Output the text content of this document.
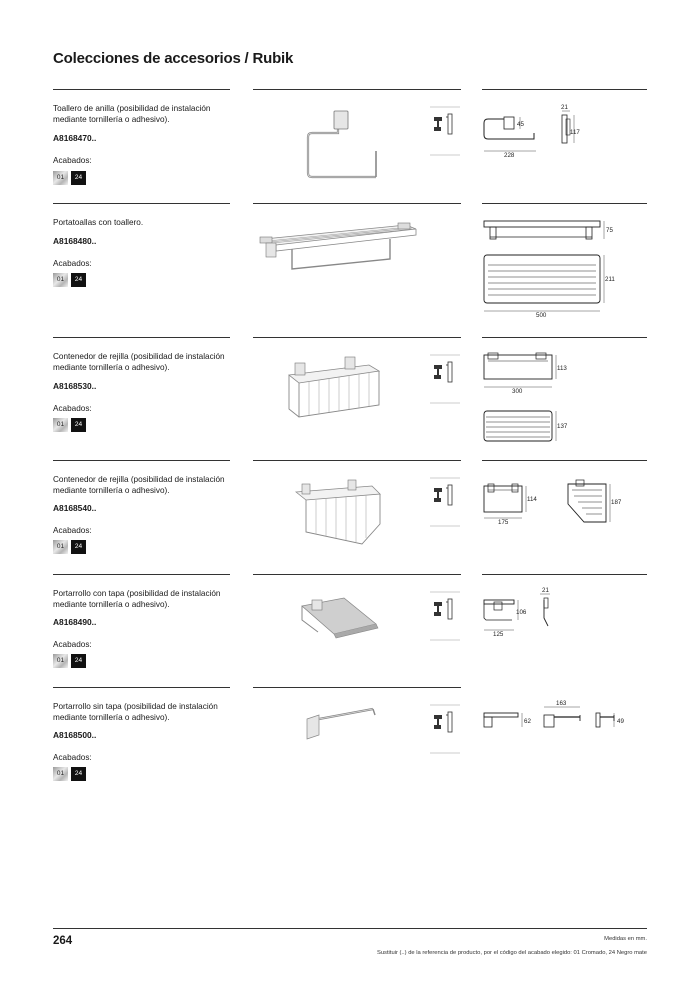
Colecciones de accesorios / Rubik
Toallero de anilla (posibilidad de instalación mediante tornillería o adhesivo).
A8168470..
Acabados:
01	24
228
45
21
117
Portatoallas con toallero.
A8168480..
Acabados:
01	24
75
211
500
Contenedor de rejilla (posibilidad de instalación mediante tornillería o adhesivo).
A8168530..
Acabados:
01	24
113
300
137
Contenedor de rejilla (posibilidad de instalación mediante tornillería o adhesivo).
A8168540..
Acabados:
01	24
114
175
187
Portarrollo con tapa (posibilidad de instalación mediante tornillería o adhesivo).
A8168490..
Acabados:
01	24
106
125
21
Portarrollo sin tapa (posibilidad de instalación mediante tornillería o adhesivo).
A8168500..
Acabados:
01	24
62
163
49
264	Medidas en mm.
Sustituir (..) de la referencia de producto, por el código del acabado elegido: 01 Cromado, 24 Negro mate
